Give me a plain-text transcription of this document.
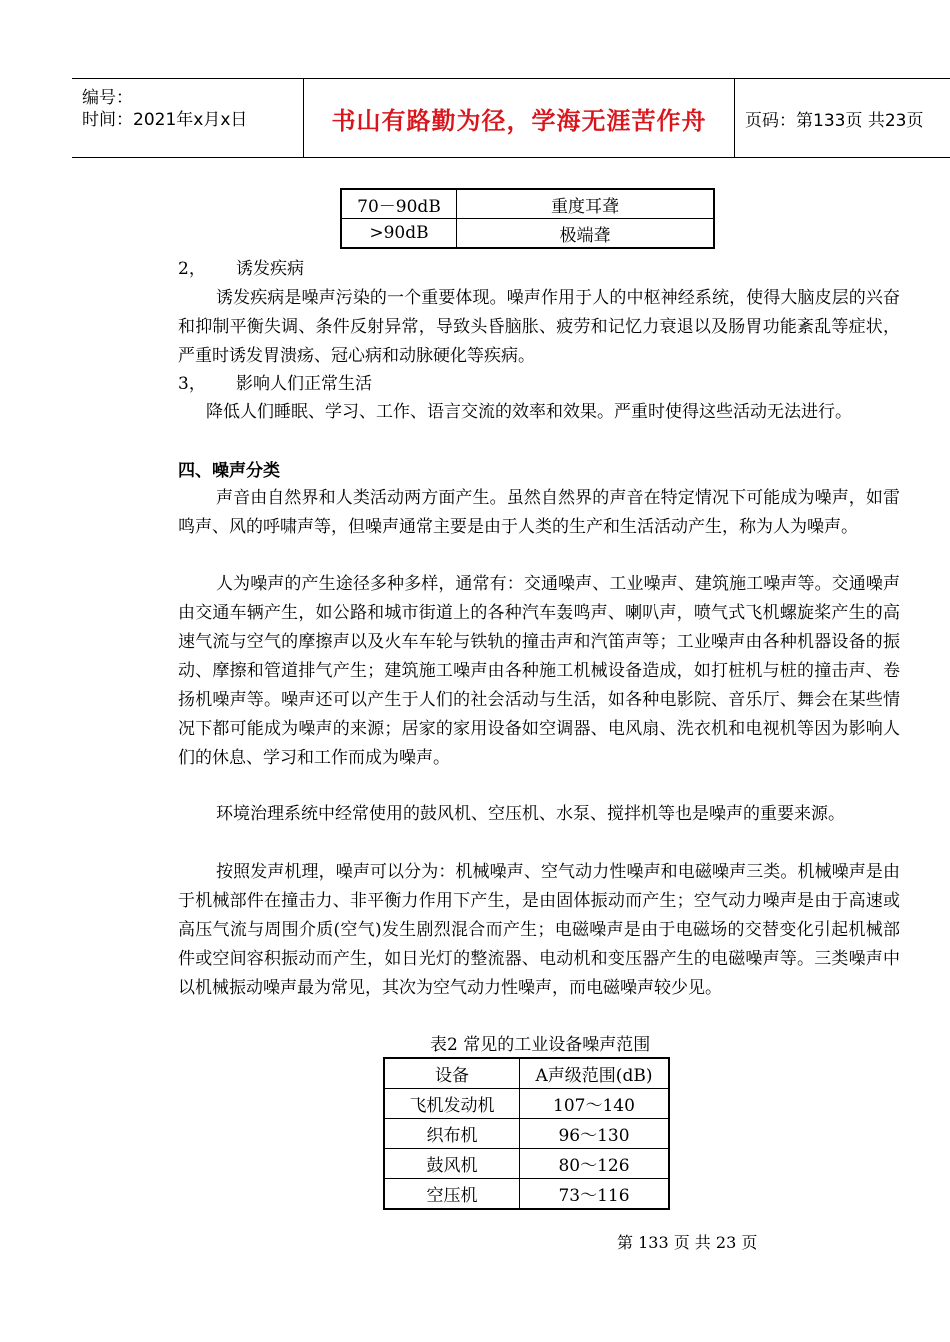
编号：
时间：2021年x月x日	书山有路勤为径，学海无涯苦作舟	页码：第133页 共23页
70－90dB	重度耳聋
>90dB	极端聋
2， 诱发疾病
诱发疾病是噪声污染的一个重要体现。噪声作用于人的中枢神经系统，使得大脑皮层的兴奋和抑制平衡失调、条件反射异常，导致头昏脑胀、疲劳和记忆力衰退以及肠胃功能紊乱等症状，严重时诱发胃溃疡、冠心病和动脉硬化等疾病。
3， 影响人们正常生活
降低人们睡眠、学习、工作、语言交流的效率和效果。严重时使得这些活动无法进行。
四、噪声分类
声音由自然界和人类活动两方面产生。虽然自然界的声音在特定情况下可能成为噪声，如雷鸣声、风的呼啸声等，但噪声通常主要是由于人类的生产和生活活动产生，称为人为噪声。
人为噪声的产生途径多种多样，通常有：交通噪声、工业噪声、建筑施工噪声等。交通噪声由交通车辆产生，如公路和城市街道上的各种汽车轰鸣声、喇叭声，喷气式飞机螺旋桨产生的高速气流与空气的摩擦声以及火车车轮与铁轨的撞击声和汽笛声等；工业噪声由各种机器设备的振动、摩擦和管道排气产生；建筑施工噪声由各种施工机械设备造成，如打桩机与桩的撞击声、卷扬机噪声等。噪声还可以产生于人们的社会活动与生活，如各种电影院、音乐厅、舞会在某些情况下都可能成为噪声的来源；居家的家用设备如空调器、电风扇、洗衣机和电视机等因为影响人们的休息、学习和工作而成为噪声。
环境治理系统中经常使用的鼓风机、空压机、水泵、搅拌机等也是噪声的重要来源。
按照发声机理，噪声可以分为：机械噪声、空气动力性噪声和电磁噪声三类。机械噪声是由于机械部件在撞击力、非平衡力作用下产生，是由固体振动而产生；空气动力噪声是由于高速或高压气流与周围介质(空气)发生剧烈混合而产生；电磁噪声是由于电磁场的交替变化引起机械部件或空间容积振动而产生，如日光灯的整流器、电动机和变压器产生的电磁噪声等。三类噪声中以机械振动噪声最为常见，其次为空气动力性噪声，而电磁噪声较少见。
表2 常见的工业设备噪声范围
设备	A声级范围(dB)
飞机发动机	107～140
织布机	96～130
鼓风机	80～126
空压机	73～116
第 133 页 共 23 页
